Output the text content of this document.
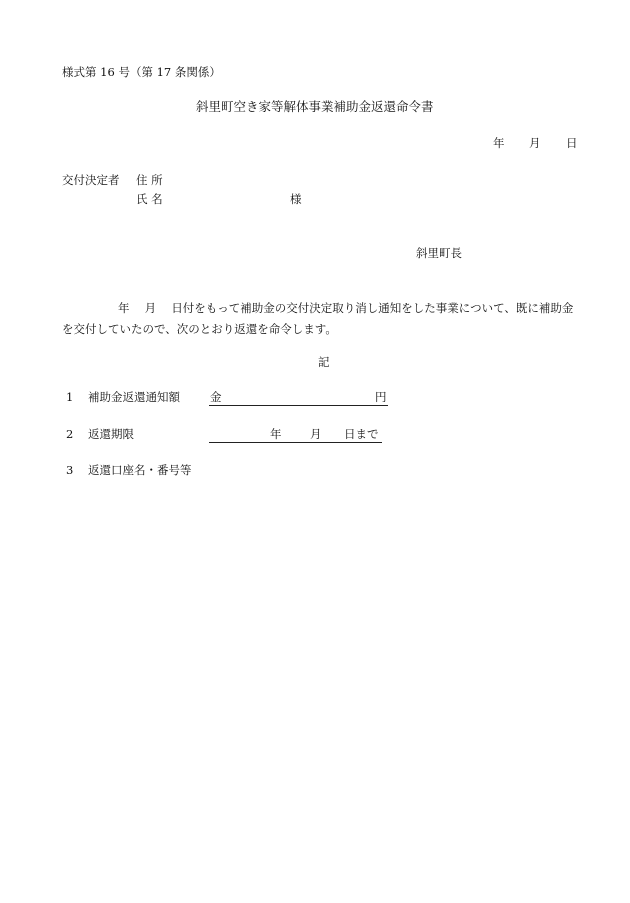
様式第 16 号（第 17 条関係）
斜里町空き家等解体事業補助金返還命令書
年 月 日
交付決定者 住 所
氏 名	様
斜里町長
年　 月　 日付をもって補助金の交付決定取り消し通知をした事業について、既に補助金を交付していたので、次のとおり返還を命令します。
記
1 補助金返還通知額	金	円
2 返還期限	年 月 日まで
3 返還口座名・番号等
